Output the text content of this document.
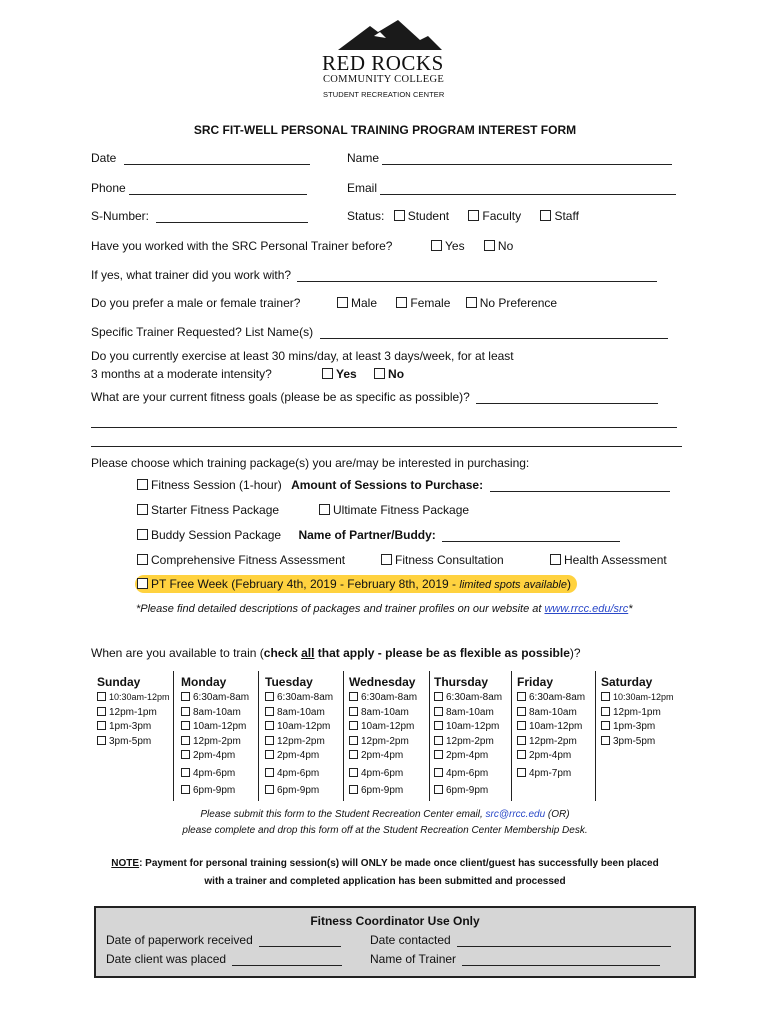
RED ROCKS
COMMUNITY COLLEGE
STUDENT RECREATION CENTER
SRC FIT-WELL PERSONAL TRAINING PROGRAM INTEREST FORM
Date	Name
Phone	Email
S-Number:	Status: Student	Faculty	Staff
Have you worked with the SRC Personal Trainer before?	Yes	No
If yes, what trainer did you work with?
Do you prefer a male or female trainer?	Male	Female No Preference
Specific Trainer Requested? List Name(s)
Do you currently exercise at least 30 mins/day, at least 3 days/week, for at least
3 months at a moderate intensity?	Yes	No
What are your current fitness goals (please be as specific as possible)?
Please choose which training package(s) you are/may be interested in purchasing:
Fitness Session (1-hour) Amount of Sessions to Purchase:
Starter Fitness Package	Ultimate Fitness Package
Buddy Session Package Name of Partner/Buddy:
Comprehensive Fitness Assessment	Fitness Consultation	Health Assessment
PT Free Week (February 4th, 2019 - February 8th, 2019 - limited spots available)
*Please find detailed descriptions of packages and trainer profiles on our website at www.rrcc.edu/src*
When are you available to train (check all that apply - please be as flexible as possible)?
Sunday
10:30am-12pm
12pm-1pm
1pm-3pm
3pm-5pm
Monday
6:30am-8am
8am-10am
10am-12pm
12pm-2pm
2pm-4pm
4pm-6pm
6pm-9pm
Tuesday
6:30am-8am
8am-10am
10am-12pm
12pm-2pm
2pm-4pm
4pm-6pm
6pm-9pm
Wednesday
6:30am-8am
8am-10am
10am-12pm
12pm-2pm
2pm-4pm
4pm-6pm
6pm-9pm
Thursday
6:30am-8am
8am-10am
10am-12pm
12pm-2pm
2pm-4pm
4pm-6pm
6pm-9pm
Friday
6:30am-8am
8am-10am
10am-12pm
12pm-2pm
2pm-4pm
4pm-7pm
Saturday
10:30am-12pm
12pm-1pm
1pm-3pm
3pm-5pm
Please submit this form to the Student Recreation Center email, src@rrcc.edu (OR)
please complete and drop this form off at the Student Recreation Center Membership Desk.
NOTE: Payment for personal training session(s) will ONLY be made once client/guest has successfully been placed
with a trainer and completed application has been submitted and processed
Fitness Coordinator Use Only
Date of paperwork received	Date contacted
Date client was placed	Name of Trainer
